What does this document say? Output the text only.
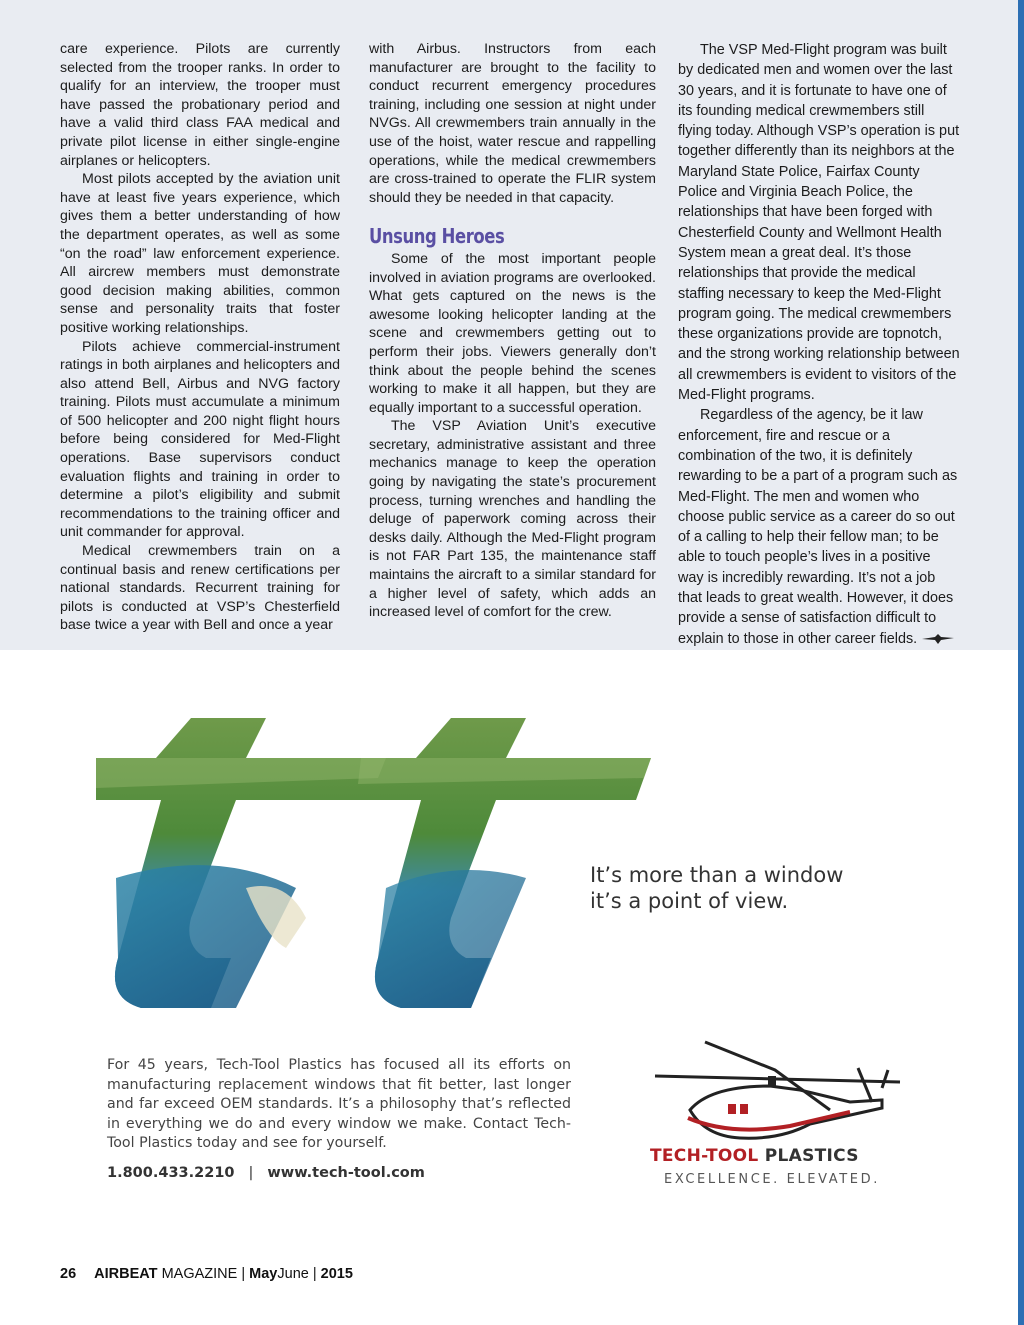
care experience. Pilots are currently selected from the trooper ranks. In order to qualify for an interview, the trooper must have passed the probationary period and have a valid third class FAA medical and private pilot license in either single-engine airplanes or helicopters.

Most pilots accepted by the aviation unit have at least five years experience, which gives them a better understanding of how the department operates, as well as some “on the road” law enforcement experience. All aircrew members must demonstrate good decision making abilities, common sense and personality traits that foster positive working relationships.

Pilots achieve commercial-instrument ratings in both airplanes and helicopters and also attend Bell, Airbus and NVG factory training. Pilots must accumulate a minimum of 500 helicopter and 200 night flight hours before being considered for Med-Flight operations. Base supervisors conduct evaluation flights and training in order to determine a pilot’s eligibility and submit recommendations to the training officer and unit commander for approval.

Medical crewmembers train on a continual basis and renew certifications per national standards. Recurrent training for pilots is conducted at VSP’s Chesterfield base twice a year with Bell and once a year

with Airbus. Instructors from each manufacturer are brought to the facility to conduct recurrent emergency procedures training, including one session at night under NVGs. All crewmembers train annually in the use of the hoist, water rescue and rappelling operations, while the medical crewmembers are cross-trained to operate the FLIR system should they be needed in that capacity.

Unsung Heroes

Some of the most important people involved in aviation programs are overlooked. What gets captured on the news is the awesome looking helicopter landing at the scene and crewmembers getting out to perform their jobs. Viewers generally don’t think about the people behind the scenes working to make it all happen, but they are equally important to a successful operation.

The VSP Aviation Unit’s executive secretary, administrative assistant and three mechanics manage to keep the operation going by navigating the state’s procurement process, turning wrenches and handling the deluge of paperwork coming across their desks daily. Although the Med-Flight program is not FAR Part 135, the maintenance staff maintains the aircraft to a similar standard for a higher level of safety, which adds an increased level of comfort for the crew.

The VSP Med-Flight program was built by dedicated men and women over the last 30 years, and it is fortunate to have one of its founding medical crewmembers still flying today. Although VSP’s operation is put together differently than its neighbors at the Maryland State Police, Fairfax County Police and Virginia Beach Police, the relationships that have been forged with Chesterfield County and Wellmont Health System mean a great deal. It’s those relationships that provide the medical staffing necessary to keep the Med-Flight program going. The medical crewmembers these organizations provide are topnotch, and the strong working relationship between all crewmembers is evident to visitors of the Med-Flight programs.

Regardless of the agency, be it law enforcement, fire and rescue or a combination of the two, it is definitely rewarding to be a part of a program such as Med-Flight. The men and women who choose public service as a career do so out of a calling to help their fellow man; to be able to touch people’s lives in a positive way is incredibly rewarding. It’s not a job that leads to great wealth. However, it does provide a sense of satisfaction difficult to explain to those in other career fields.

It’s more than a window
it’s a point of view.
For 45 years, Tech-Tool Plastics has focused all its efforts on manufacturing replacement windows that fit better, last longer and far exceed OEM standards. It’s a philosophy that’s reflected in everything we do and every window we make. Contact Tech-Tool Plastics today and see for yourself.
1.800.433.2210 | www.tech-tool.com
TECH-TOOL PLASTICS
EXCELLENCE. ELEVATED.
26 AIRBEAT MAGAZINE | MayJune | 2015
